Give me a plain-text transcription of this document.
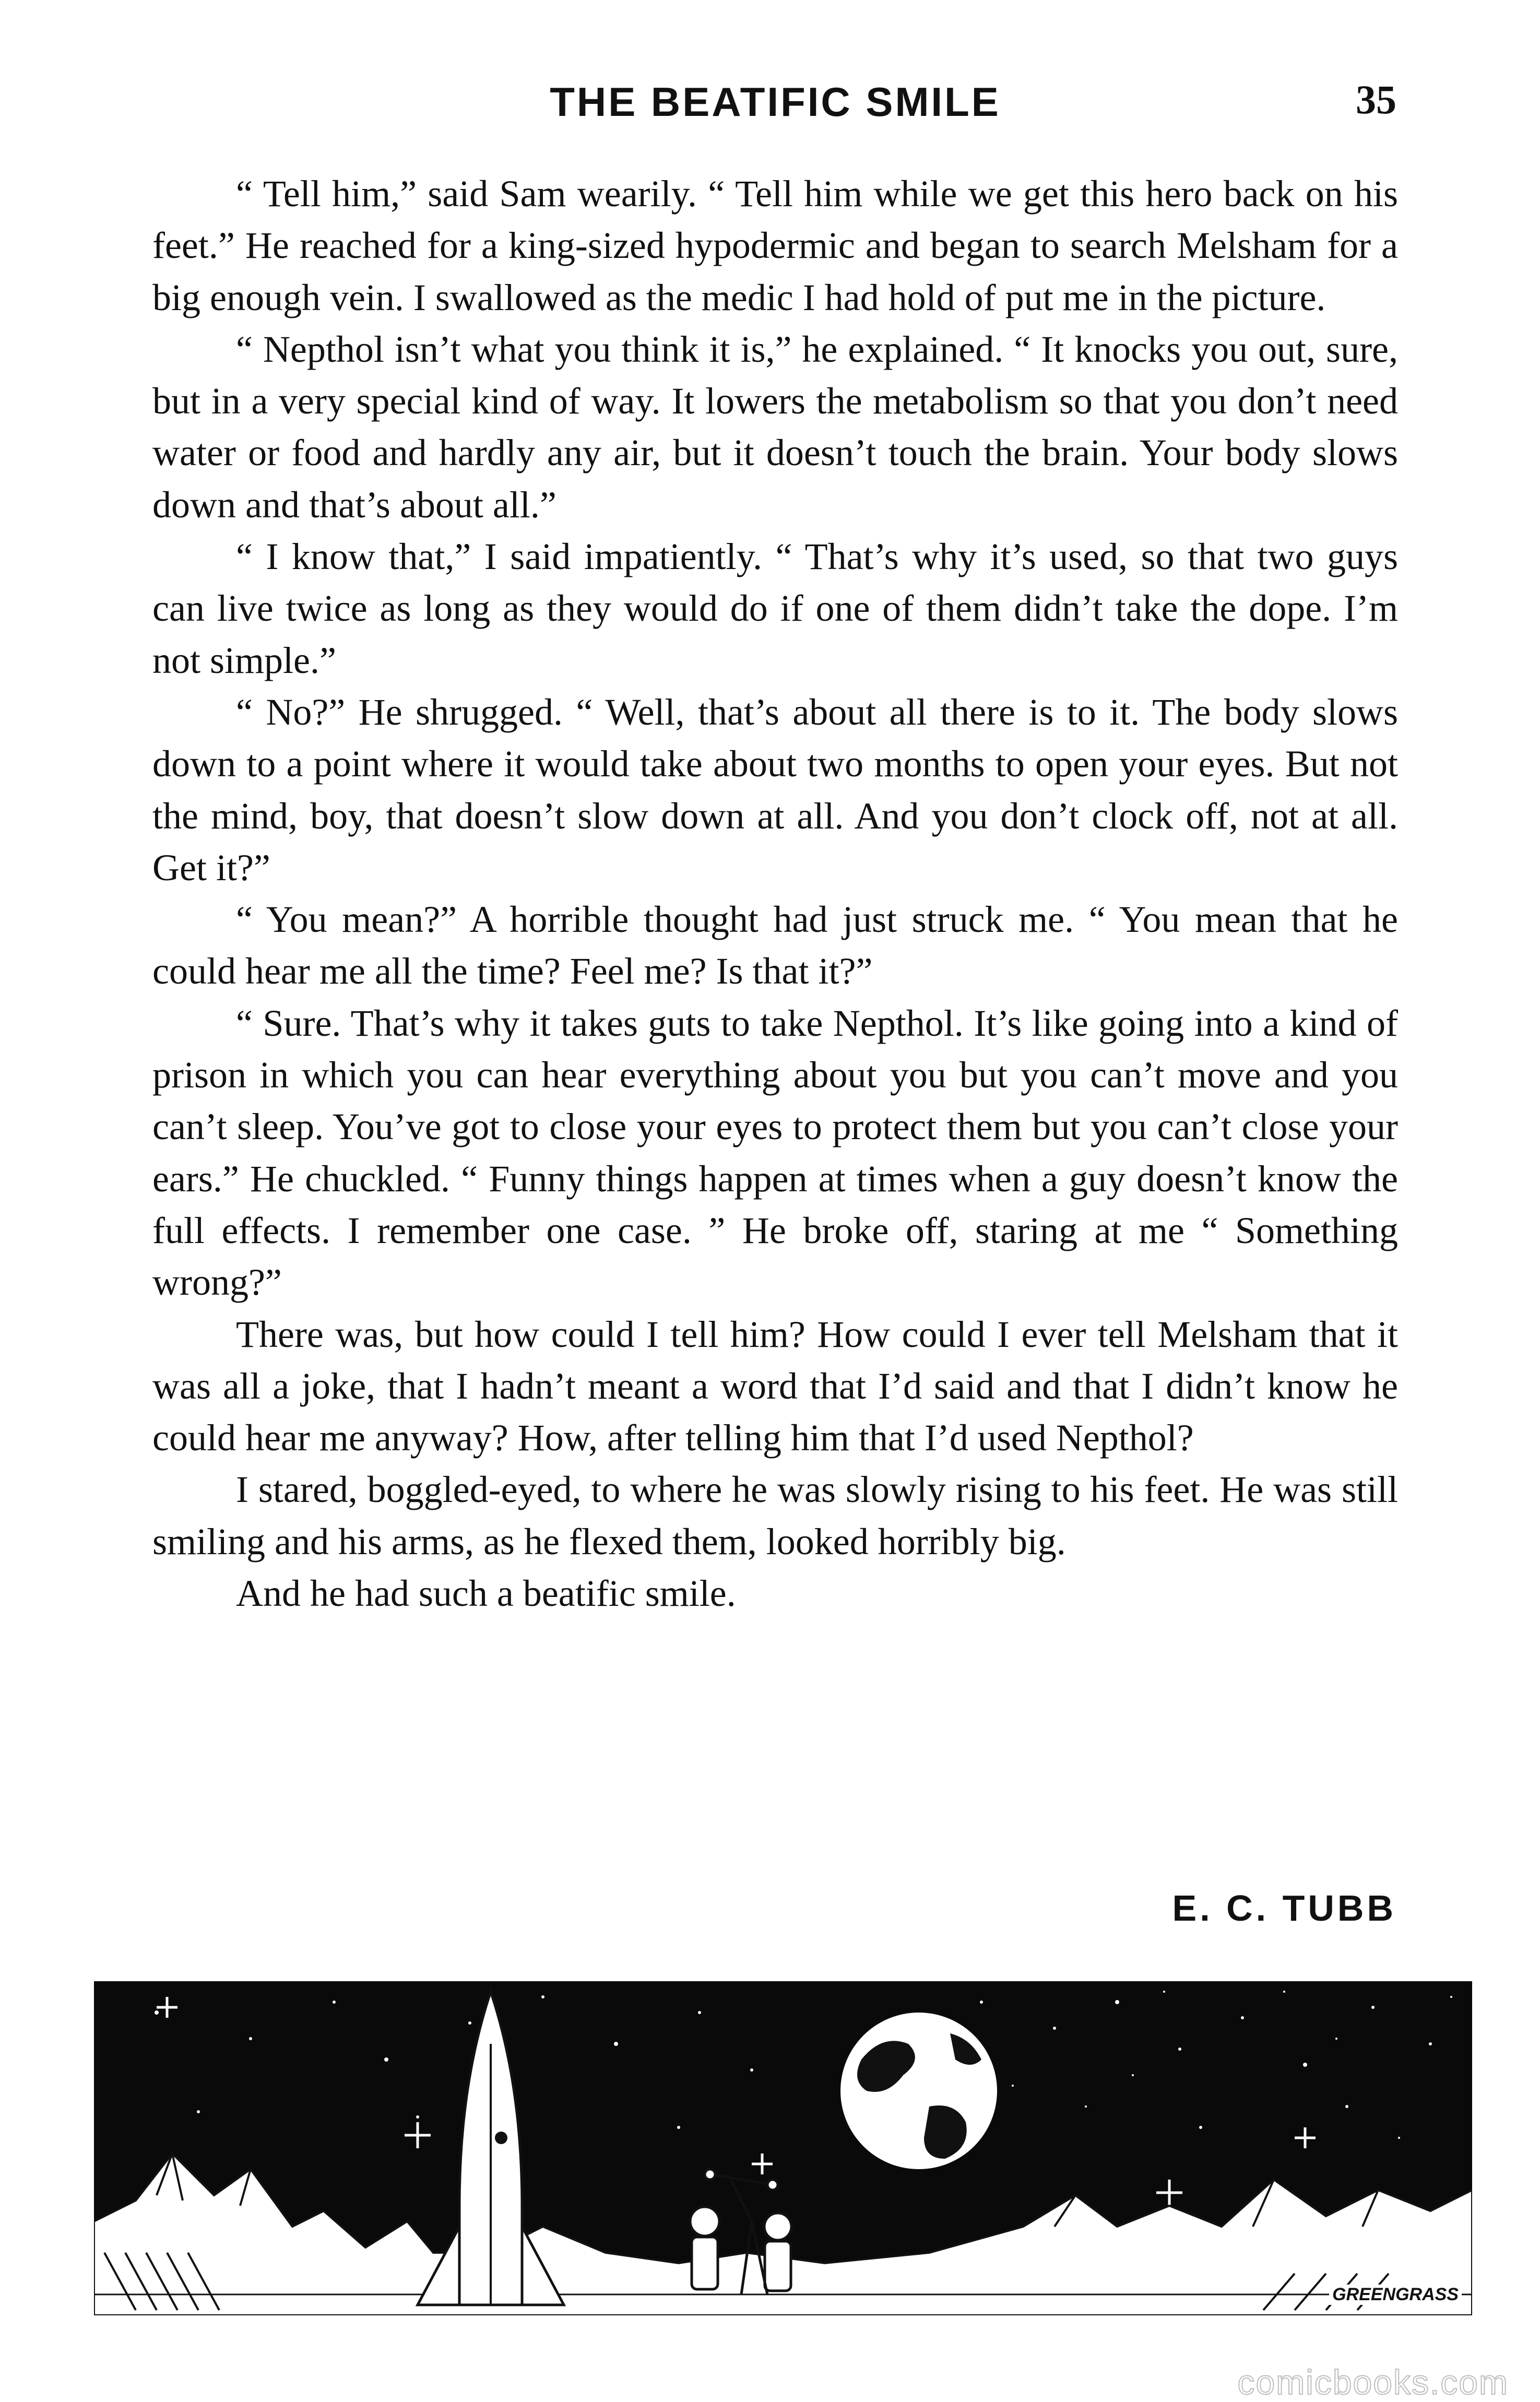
THE BEATIFIC SMILE	35

“ Tell him,” said Sam wearily. “ Tell him while we get this hero back on his feet.” He reached for a king-sized hypodermic and began to search Melsham for a big enough vein. I swallowed as the medic I had hold of put me in the picture.

“ Nepthol isn’t what you think it is,” he explained. “ It knocks you out, sure, but in a very special kind of way. It lowers the metabolism so that you don’t need water or food and hardly any air, but it doesn’t touch the brain. Your body slows down and that’s about all.”

“ I know that,” I said impatiently. “ That’s why it’s used, so that two guys can live twice as long as they would do if one of them didn’t take the dope. I’m not simple.”

“ No?” He shrugged. “ Well, that’s about all there is to it. The body slows down to a point where it would take about two months to open your eyes. But not the mind, boy, that doesn’t slow down at all. And you don’t clock off, not at all. Get it?”

“ You mean?” A horrible thought had just struck me. “ You mean that he could hear me all the time? Feel me? Is that it?”

“ Sure. That’s why it takes guts to take Nepthol. It’s like going into a kind of prison in which you can hear everything about you but you can’t move and you can’t sleep. You’ve got to close your eyes to protect them but you can’t close your ears.” He chuckled. “ Funny things happen at times when a guy doesn’t know the full effects. I remember one case. ” He broke off, staring at me “ Something wrong?”

There was, but how could I tell him? How could I ever tell Melsham that it was all a joke, that I hadn’t meant a word that I’d said and that I didn’t know he could hear me anyway? How, after telling him that I’d used Nepthol?

I stared, boggled-eyed, to where he was slowly rising to his feet. He was still smiling and his arms, as he flexed them, looked horribly big.

And he had such a beatific smile.

E. C. TUBB
GREENGRASS
comicbooks.com
